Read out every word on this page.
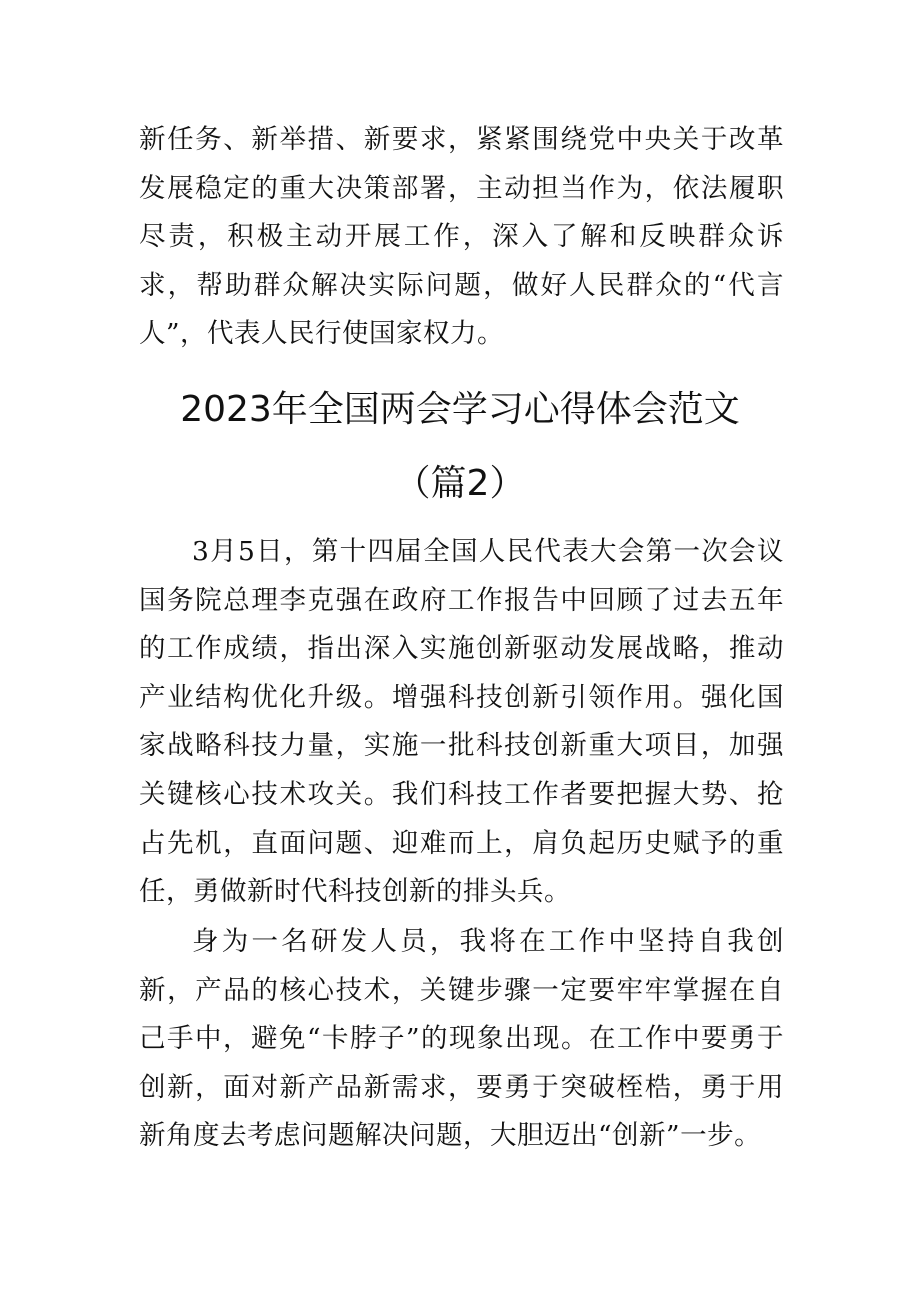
新任务、新举措、新要求，紧紧围绕党中央关于改革发展稳定的重大决策部署，主动担当作为，依法履职尽责，积极主动开展工作，深入了解和反映群众诉求，帮助群众解决实际问题，做好人民群众的“代言人”，代表人民行使国家权力。

2023年全国两会学习心得体会范文
（篇2）

3月5日，第十四届全国人民代表大会第一次会议国务院总理李克强在政府工作报告中回顾了过去五年的工作成绩，指出深入实施创新驱动发展战略，推动产业结构优化升级。增强科技创新引领作用。强化国家战略科技力量，实施一批科技创新重大项目，加强关键核心技术攻关。我们科技工作者要把握大势、抢占先机，直面问题、迎难而上，肩负起历史赋予的重任，勇做新时代科技创新的排头兵。

身为一名研发人员，我将在工作中坚持自我创新，产品的核心技术，关键步骤一定要牢牢掌握在自己手中，避免“卡脖子”的现象出现。在工作中要勇于创新，面对新产品新需求，要勇于突破桎梏，勇于用新角度去考虑问题解决问题，大胆迈出“创新”一步。
